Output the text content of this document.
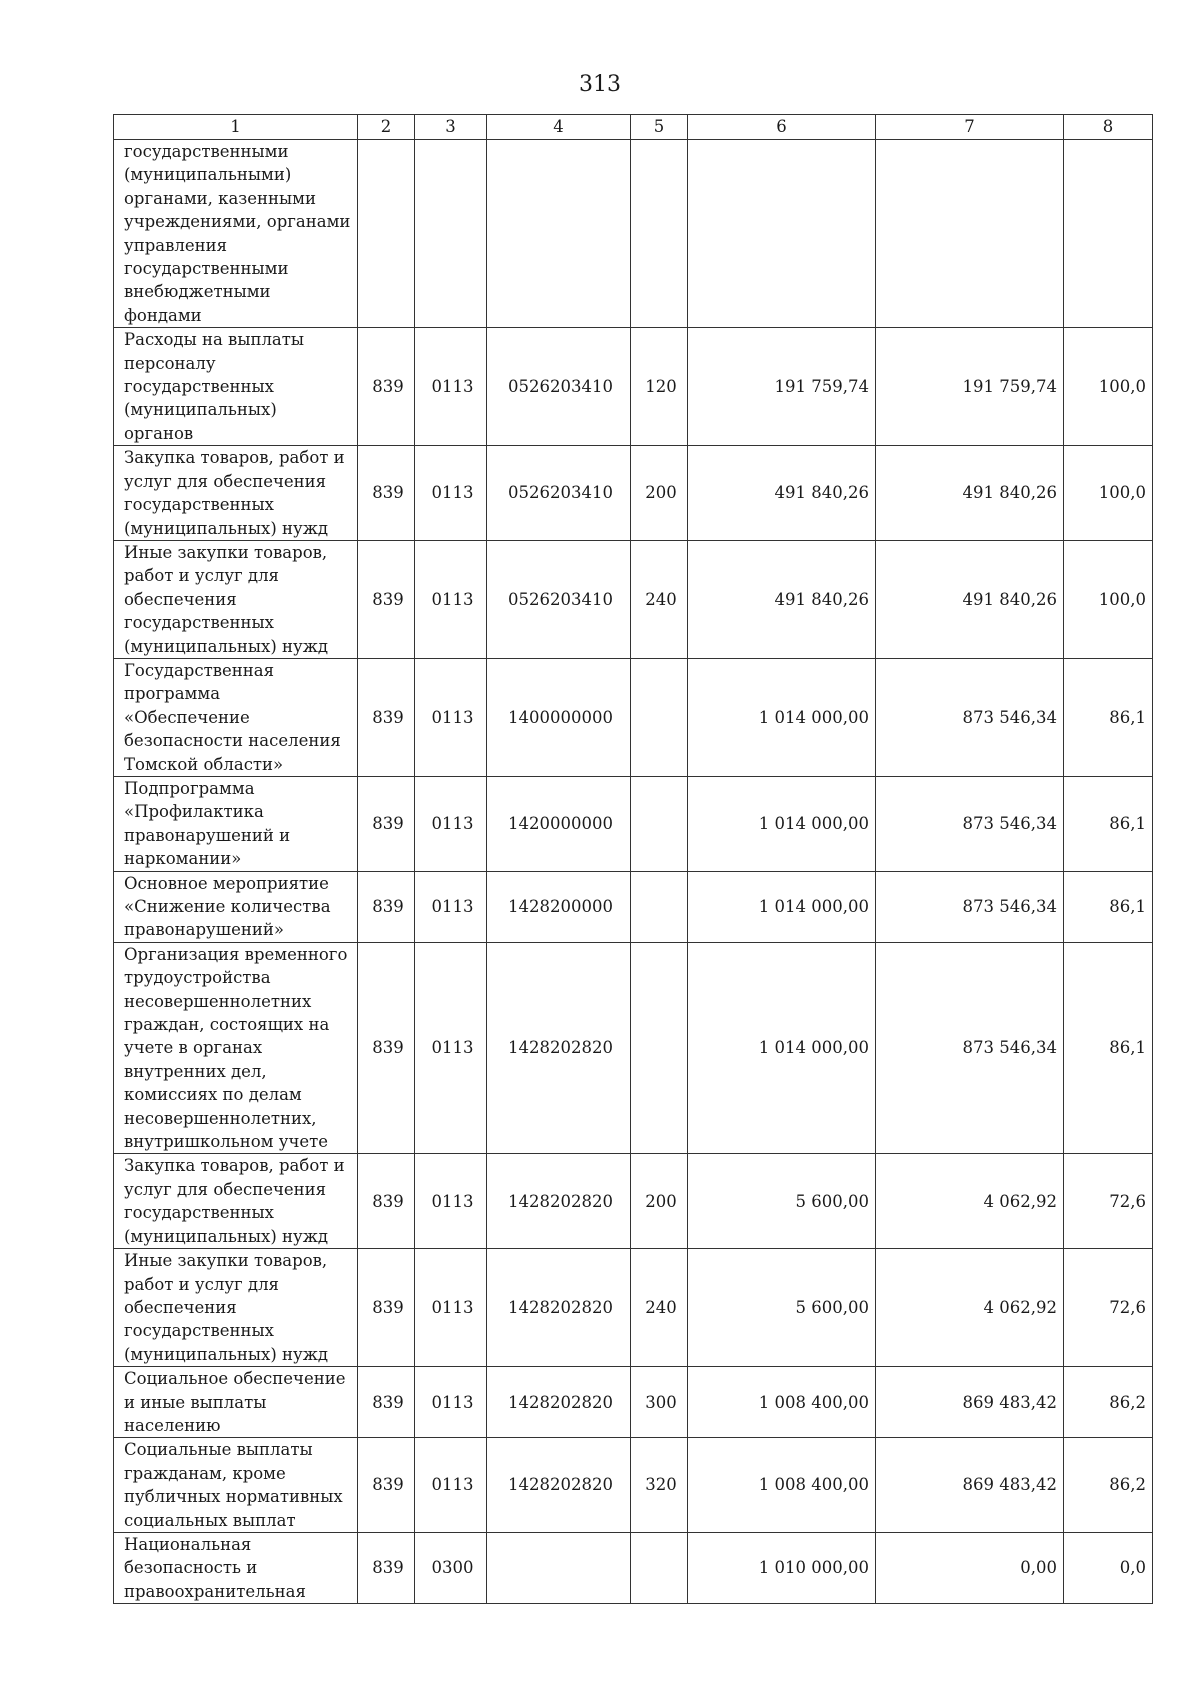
313
1	2	3	4	5	6	7	8
государственными (муниципальными) органами, казенными учреждениями, органами управления государственными внебюджетными фондами							
Расходы на выплаты персоналу государственных (муниципальных) органов	839	0113	0526203410	120	191 759,74	191 759,74	100,0
Закупка товаров, работ и услуг для обеспечения государственных (муниципальных) нужд	839	0113	0526203410	200	491 840,26	491 840,26	100,0
Иные закупки товаров, работ и услуг для обеспечения государственных (муниципальных) нужд	839	0113	0526203410	240	491 840,26	491 840,26	100,0
Государственная программа «Обеспечение безопасности населения Томской области»	839	0113	1400000000		1 014 000,00	873 546,34	86,1
Подпрограмма «Профилактика правонарушений и наркомании»	839	0113	1420000000		1 014 000,00	873 546,34	86,1
Основное мероприятие «Снижение количества правонарушений»	839	0113	1428200000		1 014 000,00	873 546,34	86,1
Организация временного трудоустройства несовершеннолетних граждан, состоящих на учете в органах внутренних дел, комиссиях по делам несовершеннолетних, внутришкольном учете	839	0113	1428202820		1 014 000,00	873 546,34	86,1
Закупка товаров, работ и услуг для обеспечения государственных (муниципальных) нужд	839	0113	1428202820	200	5 600,00	4 062,92	72,6
Иные закупки товаров, работ и услуг для обеспечения государственных (муниципальных) нужд	839	0113	1428202820	240	5 600,00	4 062,92	72,6
Социальное обеспечение и иные выплаты населению	839	0113	1428202820	300	1 008 400,00	869 483,42	86,2
Социальные выплаты гражданам, кроме публичных нормативных социальных выплат	839	0113	1428202820	320	1 008 400,00	869 483,42	86,2
Национальная безопасность и правоохранительная	839	0300			1 010 000,00	0,00	0,0
